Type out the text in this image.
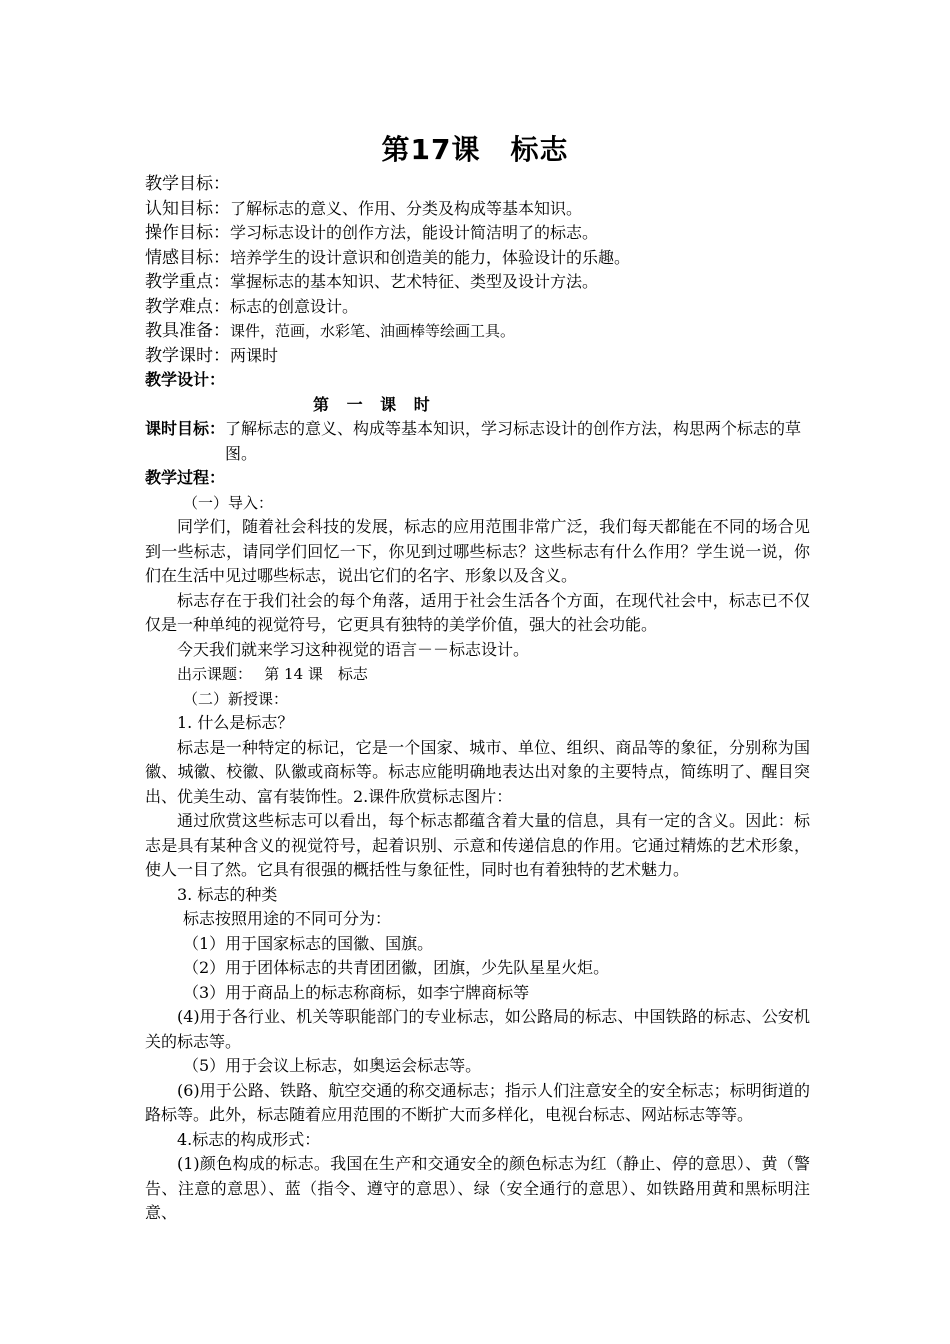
第17课 标志
教学目标：
认知目标：了解标志的意义、作用、分类及构成等基本知识。
操作目标：学习标志设计的创作方法，能设计简洁明了的标志。
情感目标：培养学生的设计意识和创造美的能力，体验设计的乐趣。
教学重点：掌握标志的基本知识、艺术特征、类型及设计方法。
教学难点：标志的创意设计。
教具准备：课件，范画，水彩笔、油画棒等绘画工具。
教学课时：两课时
教学设计：
第 一 课 时
课时目标： 了解标志的意义、构成等基本知识，学习标志设计的创作方法，构思两个标志的草图。
教学过程：
（一）导入：
同学们，随着社会科技的发展，标志的应用范围非常广泛，我们每天都能在不同的场合见到一些标志，请同学们回忆一下，你见到过哪些标志？这些标志有什么作用？学生说一说，你们在生活中见过哪些标志，说出它们的名字、形象以及含义。
标志存在于我们社会的每个角落，适用于社会生活各个方面，在现代社会中，标志已不仅仅是一种单纯的视觉符号，它更具有独特的美学价值，强大的社会功能。
今天我们就来学习这种视觉的语言－－标志设计。
出示课题：　 第 14 课　标志
（二）新授课：
1. 什么是标志？
标志是一种特定的标记，它是一个国家、城市、单位、组织、商品等的象征，分别称为国徽、城徽、校徽、队徽或商标等。标志应能明确地表达出对象的主要特点，简练明了、醒目突出、优美生动、富有装饰性。2.课件欣赏标志图片：
通过欣赏这些标志可以看出，每个标志都蕴含着大量的信息，具有一定的含义。因此：标志是具有某种含义的视觉符号，起着识别、示意和传递信息的作用。它通过精炼的艺术形象，使人一目了然。它具有很强的概括性与象征性，同时也有着独特的艺术魅力。
3. 标志的种类
标志按照用途的不同可分为：
（1）用于国家标志的国徽、国旗。
（2）用于团体标志的共青团团徽，团旗，少先队星星火炬。
（3）用于商品上的标志称商标，如李宁牌商标等
(4)用于各行业、机关等职能部门的专业标志，如公路局的标志、中国铁路的标志、公安机关的标志等。
（5）用于会议上标志，如奥运会标志等。
(6)用于公路、铁路、航空交通的称交通标志；指示人们注意安全的安全标志；标明街道的路标等。此外，标志随着应用范围的不断扩大而多样化，电视台标志、网站标志等等。
4.标志的构成形式：
(1)颜色构成的标志。我国在生产和交通安全的颜色标志为红（静止、停的意思）、黄（警告、注意的意思）、蓝（指令、遵守的意思）、绿（安全通行的意思）、如铁路用黄和黑标明注意、
